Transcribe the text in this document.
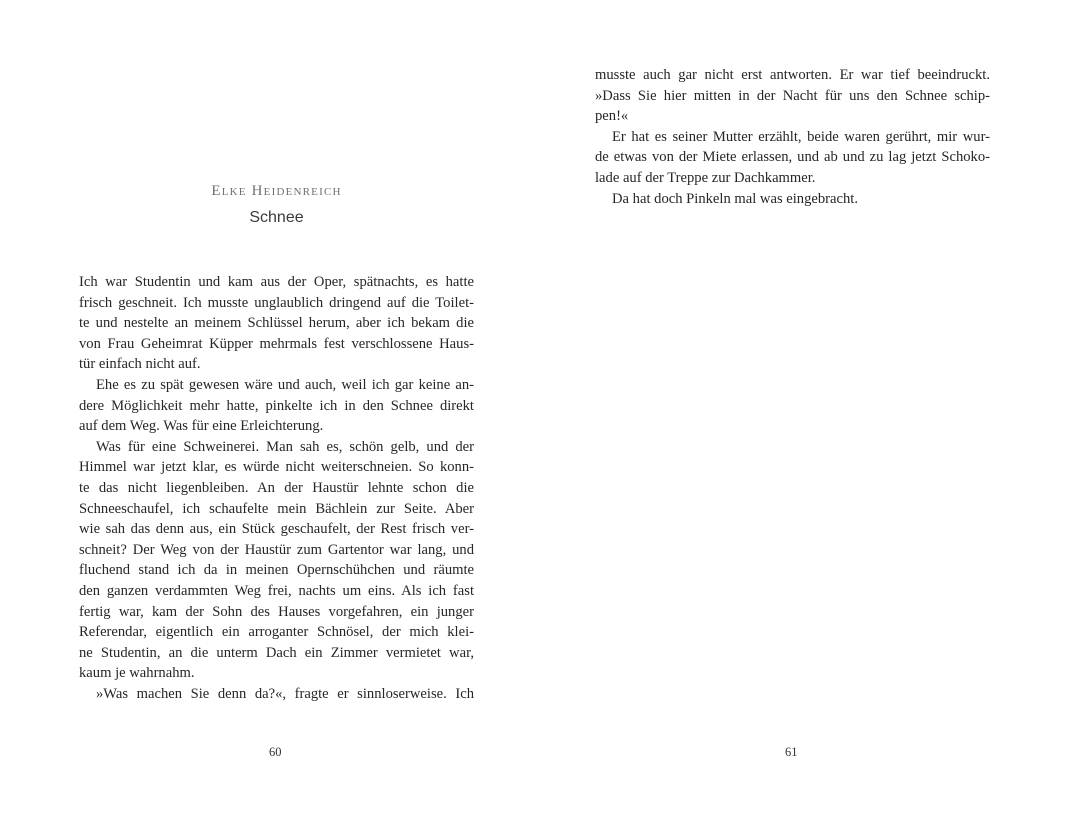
Elke Heidenreich
Schnee
Ich war Studentin und kam aus der Oper, spätnachts, es hatte
frisch geschneit. Ich musste unglaublich dringend auf die Toilet-
te und nestelte an meinem Schlüssel herum, aber ich bekam die
von Frau Geheimrat Küpper mehrmals fest verschlossene Haus-
tür einfach nicht auf.
Ehe es zu spät gewesen wäre und auch, weil ich gar keine an-
dere Möglichkeit mehr hatte, pinkelte ich in den Schnee direkt
auf dem Weg. Was für eine Erleichterung.
Was für eine Schweinerei. Man sah es, schön gelb, und der
Himmel war jetzt klar, es würde nicht weiterschneien. So konn-
te das nicht liegenbleiben. An der Haustür lehnte schon die
Schneeschaufel, ich schaufelte mein Bächlein zur Seite. Aber
wie sah das denn aus, ein Stück geschaufelt, der Rest frisch ver-
schneit? Der Weg von der Haustür zum Gartentor war lang, und
fluchend stand ich da in meinen Opernschühchen und räumte
den ganzen verdammten Weg frei, nachts um eins. Als ich fast
fertig war, kam der Sohn des Hauses vorgefahren, ein junger
Referendar, eigentlich ein arroganter Schnösel, der mich klei-
ne Studentin, an die unterm Dach ein Zimmer vermietet war,
kaum je wahrnahm.
»Was machen Sie denn da?«, fragte er sinnloserweise. Ich
60
musste auch gar nicht erst antworten. Er war tief beeindruckt.
»Dass Sie hier mitten in der Nacht für uns den Schnee schip-
pen!«
Er hat es seiner Mutter erzählt, beide waren gerührt, mir wur-
de etwas von der Miete erlassen, und ab und zu lag jetzt Schoko-
lade auf der Treppe zur Dachkammer.
Da hat doch Pinkeln mal was eingebracht.
61
